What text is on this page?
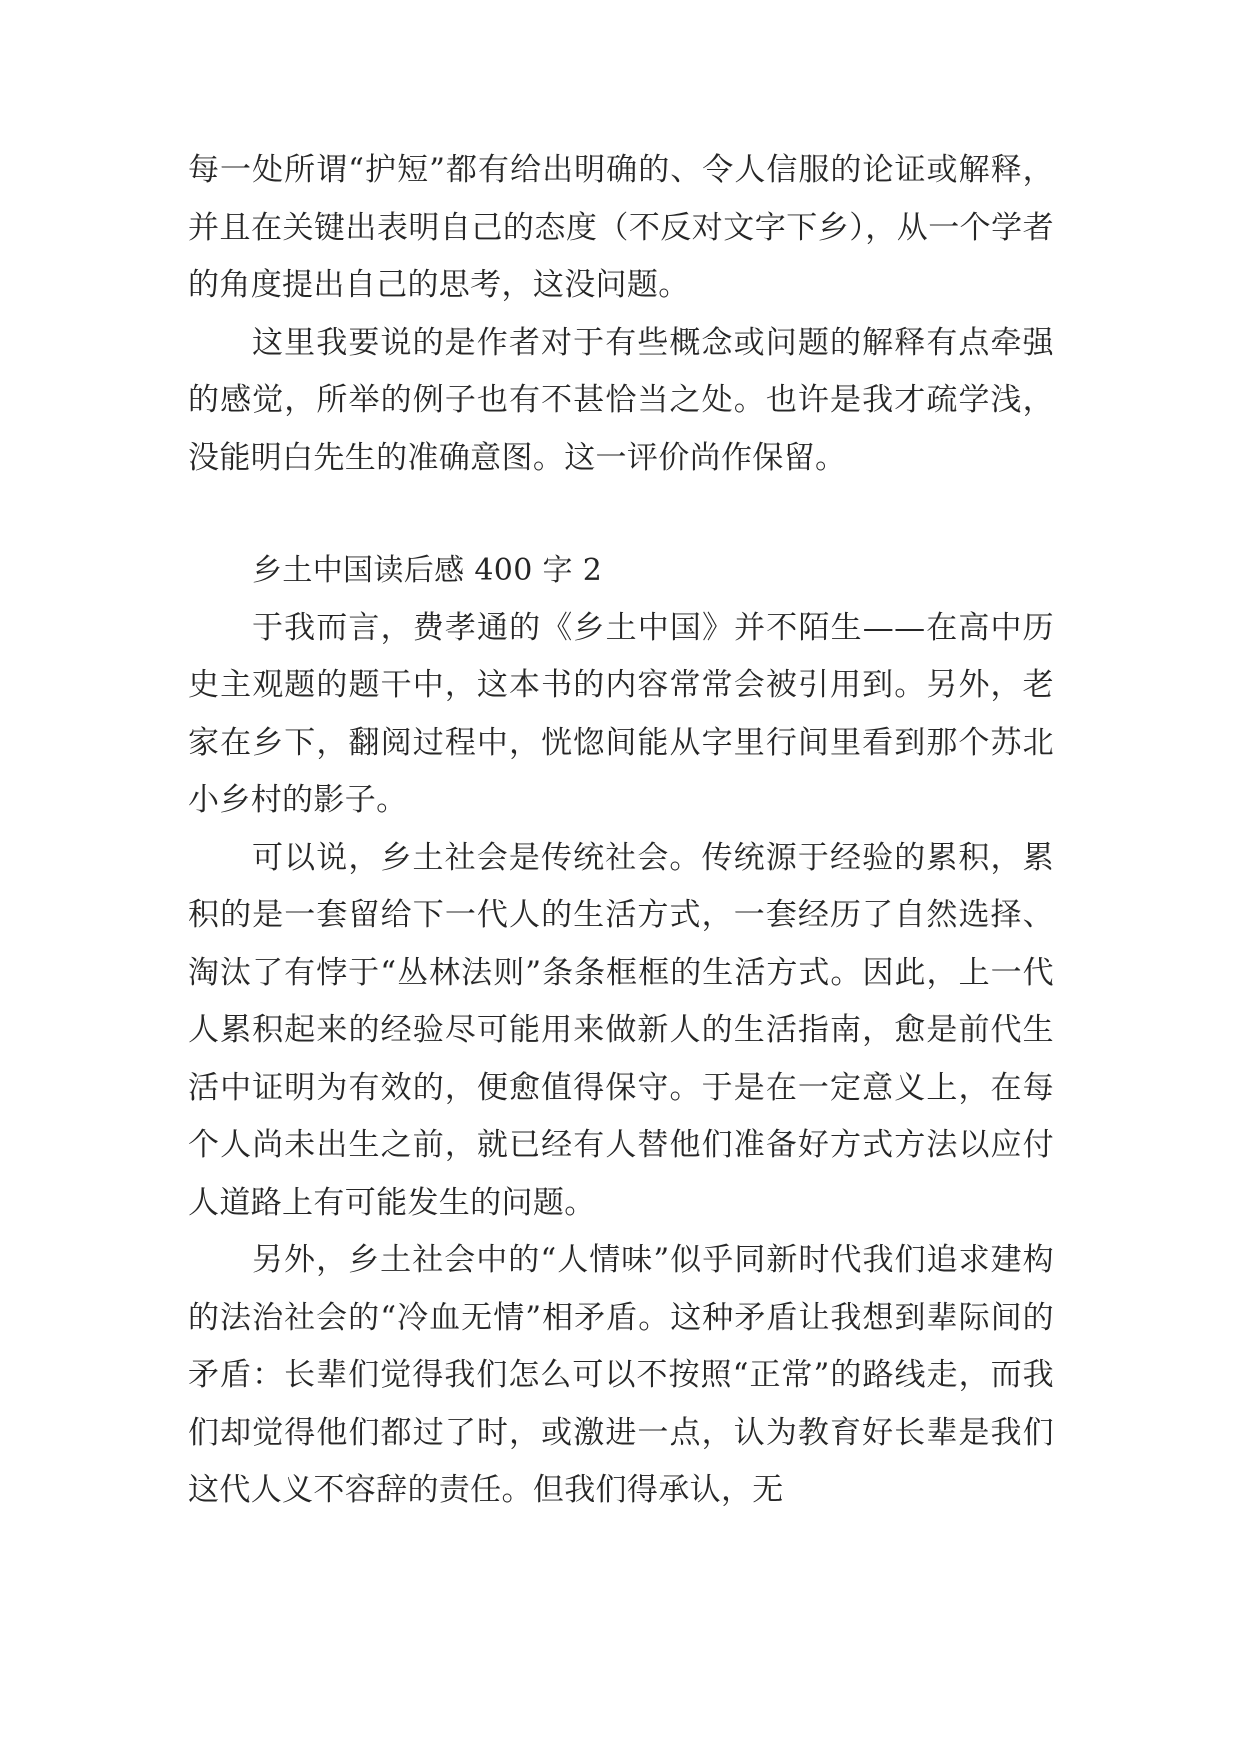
每一处所谓“护短”都有给出明确的、令人信服的论证或解释，并且在关键出表明自己的态度（不反对文字下乡），从一个学者的角度提出自己的思考，这没问题。

这里我要说的是作者对于有些概念或问题的解释有点牵强的感觉，所举的例子也有不甚恰当之处。也许是我才疏学浅，没能明白先生的准确意图。这一评价尚作保留。

乡土中国读后感 400 字 2

于我而言，费孝通的《乡土中国》并不陌生——在高中历史主观题的题干中，这本书的内容常常会被引用到。另外，老家在乡下，翻阅过程中，恍惚间能从字里行间里看到那个苏北小乡村的影子。

可以说，乡土社会是传统社会。传统源于经验的累积，累积的是一套留给下一代人的生活方式，一套经历了自然选择、淘汰了有悖于“丛林法则”条条框框的生活方式。因此，上一代人累积起来的经验尽可能用来做新人的生活指南，愈是前代生活中证明为有效的，便愈值得保守。于是在一定意义上，在每个人尚未出生之前，就已经有人替他们准备好方式方法以应付人道路上有可能发生的问题。

另外，乡土社会中的“人情味”似乎同新时代我们追求建构的法治社会的“冷血无情”相矛盾。这种矛盾让我想到辈际间的矛盾：长辈们觉得我们怎么可以不按照“正常”的路线走，而我们却觉得他们都过了时，或激进一点，认为教育好长辈是我们这代人义不容辞的责任。但我们得承认，无
